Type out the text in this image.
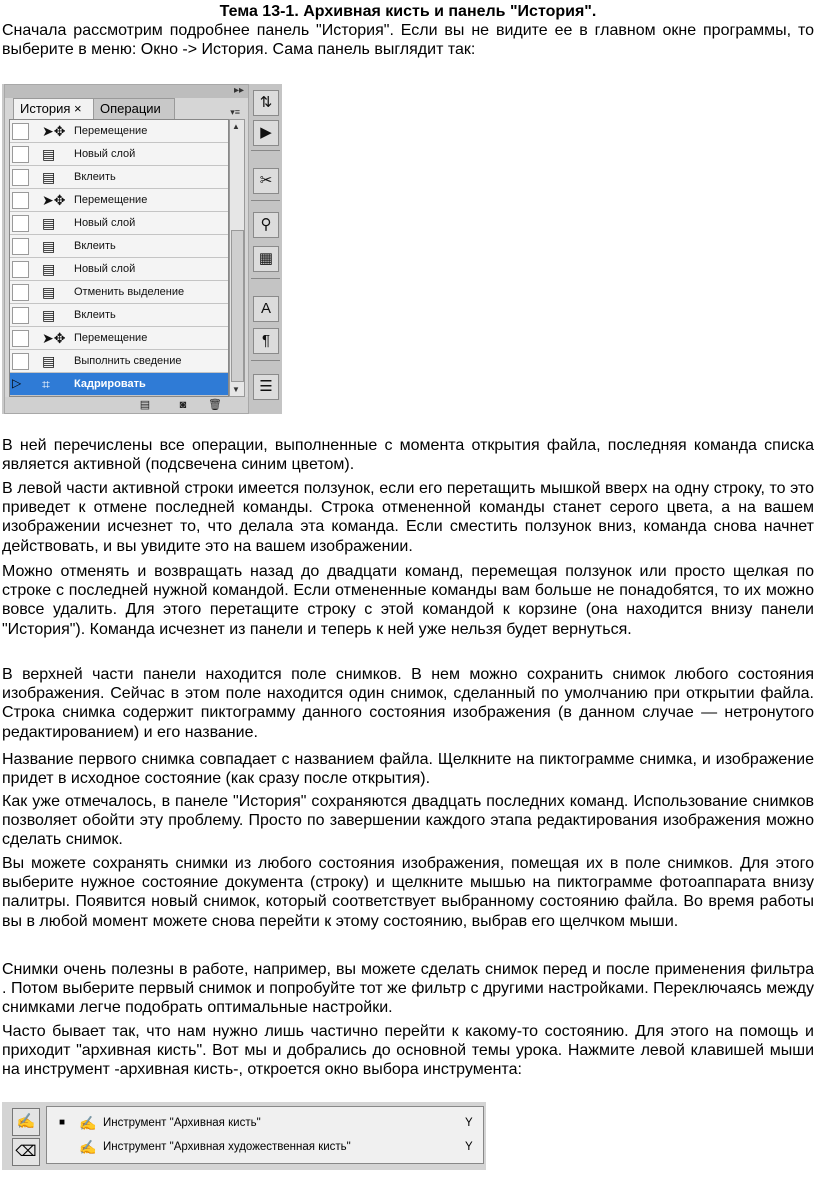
Тема 13-1. Архивная кисть и панель "История".
Сначала рассмотрим подробнее панель "История". Если вы не видите ее в главном окне программы, то выберите в меню: Окно -> История. Сама панель выглядит так:
▸▸
История ×	Операции	▾≡
➤✥ Перемещение
▤	Новый слой
▤	Вклеить
➤✥ Перемещение
▤	Новый слой
▤	Вклеить
▤	Новый слой
▤	Отменить выделение
▤	Вклеить
➤✥ Перемещение
▤	Выполнить сведение
▷	⌗	Кадрировать
▲
▼
▤	◙	🗑
⇅
▶
✂
⚲
▦
A
¶
☰
В ней перечислены все операции, выполненные с момента открытия файла, последняя команда списка является активной (подсвечена синим цветом).
В левой части активной строки имеется ползунок, если его перетащить мышкой вверх на одну строку, то это приведет к отмене последней команды. Строка отмененной команды станет серого цвета, а на вашем изображении исчезнет то, что делала эта команда. Если сместить ползунок вниз, команда снова начнет действовать, и вы увидите это на вашем изображении.
Можно отменять и возвращать назад до двадцати команд, перемещая ползунок или просто щелкая по строке с последней нужной командой. Если отмененные команды вам больше не понадобятся, то их можно вовсе удалить. Для этого перетащите строку с этой командой к корзине (она находится внизу панели "История"). Команда исчезнет из панели и теперь к ней уже нельзя будет вернуться.
В верхней части панели находится поле снимков. В нем можно сохранить снимок любого состояния изображения. Сейчас в этом поле находится один снимок, сделанный по умолчанию при открытии файла. Строка снимка содержит пиктограмму данного состояния изображения (в данном случае — нетронутого редактированием) и его название.
Название первого снимка совпадает с названием файла. Щелкните на пиктограмме снимка, и изображение придет в исходное состояние (как сразу после открытия).
Как уже отмечалось, в панеле "История" сохраняются двадцать последних команд. Использование снимков позволяет обойти эту проблему. Просто по завершении каждого этапа редактирования изображения можно сделать снимок.
Вы можете сохранять снимки из любого состояния изображения, помещая их в поле снимков. Для этого выберите нужное состояние документа (строку) и щелкните мышью на пиктограмме фотоаппарата внизу палитры. Появится новый снимок, который соответствует выбранному состоянию файла. Во время работы вы в любой момент можете снова перейти к этому состоянию, выбрав его щелчком мыши.
Снимки очень полезны в работе, например, вы можете сделать снимок перед и после применения фильтра . Потом выберите первый снимок и попробуйте тот же фильтр с другими настройками. Переключаясь между снимками легче подобрать оптимальные настройки.
Часто бывает так, что нам нужно лишь частично перейти к какому-то состоянию. Для этого на помощь и приходит "архивная кисть". Вот мы и добрались до основной темы урока. Нажмите левой клавишей мыши на инструмент -архивная кисть-, откроется окно выбора инструмента:
✍
⌫
■ ✍ Инструмент "Архивная кисть"	Y
✍ Инструмент "Архивная художественная кисть"	Y
